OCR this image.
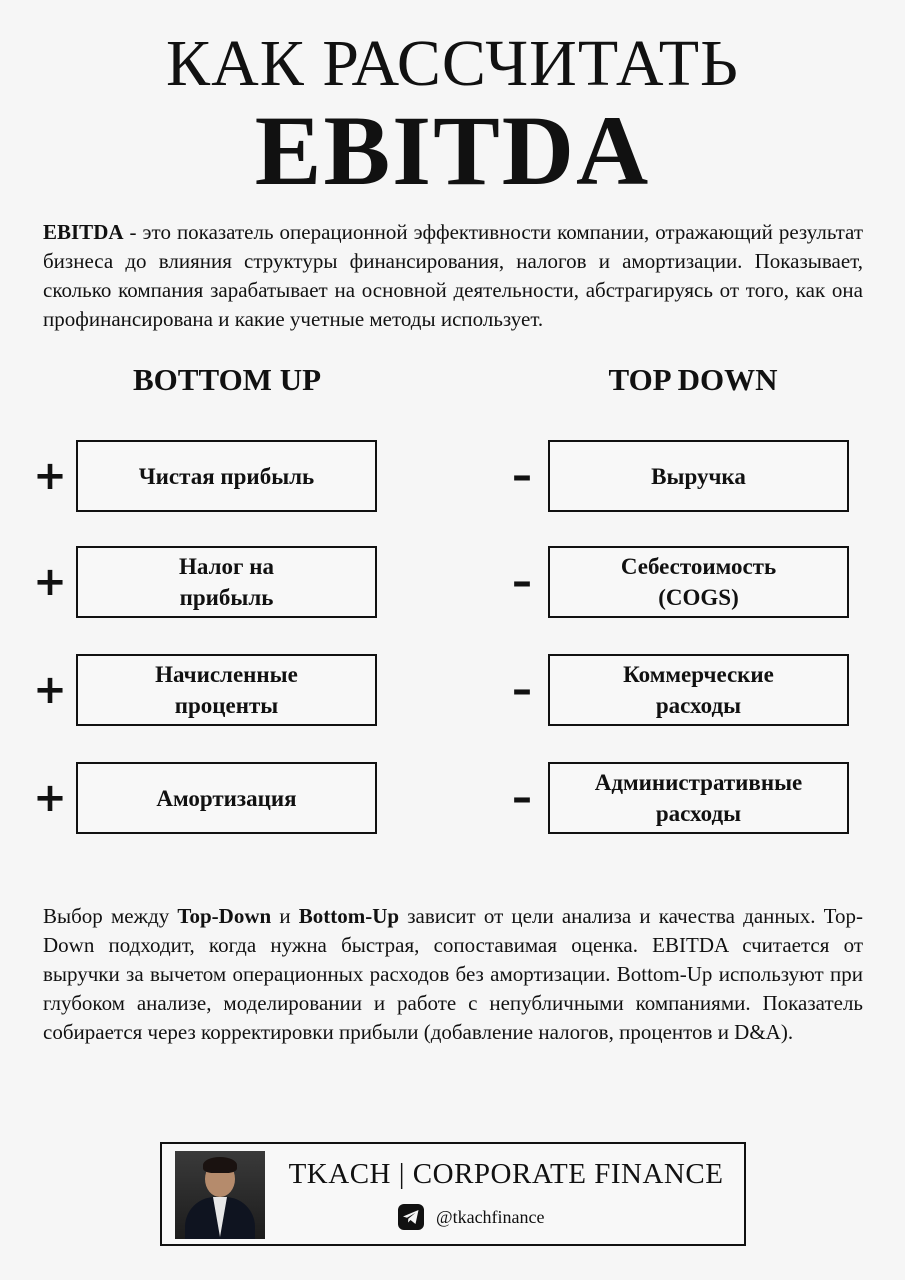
КАК РАССЧИТАТЬ
EBITDA

EBITDA - это показатель операционной эффективности компании, отражающий результат бизнеса до влияния структуры финансирования, налогов и амортизации. Показывает, сколько компания зарабатывает на основной деятельности, абстрагируясь от того, как она профинансирована и какие учетные методы использует.

BOTTOM UP	TOP DOWN
+	Чистая прибыль
+	Налог на
прибыль
+	Начисленные
проценты
+	Амортизация
–	Выручка
–	Себестоимость
(COGS)
–	Коммерческие
расходы
–	Административные
расходы

Выбор между Top-Down и Bottom-Up зависит от цели анализа и качества данных. Top-Down подходит, когда нужна быстрая, сопоставимая оценка. EBITDA считается от выручки за вычетом операционных расходов без амортизации. Bottom-Up используют при глубоком анализе, моделировании и работе с непубличными компаниями. Показатель собирается через корректировки прибыли (добавление налогов, процентов и D&A).

TKACH | CORPORATE FINANCE
@tkachfinance
